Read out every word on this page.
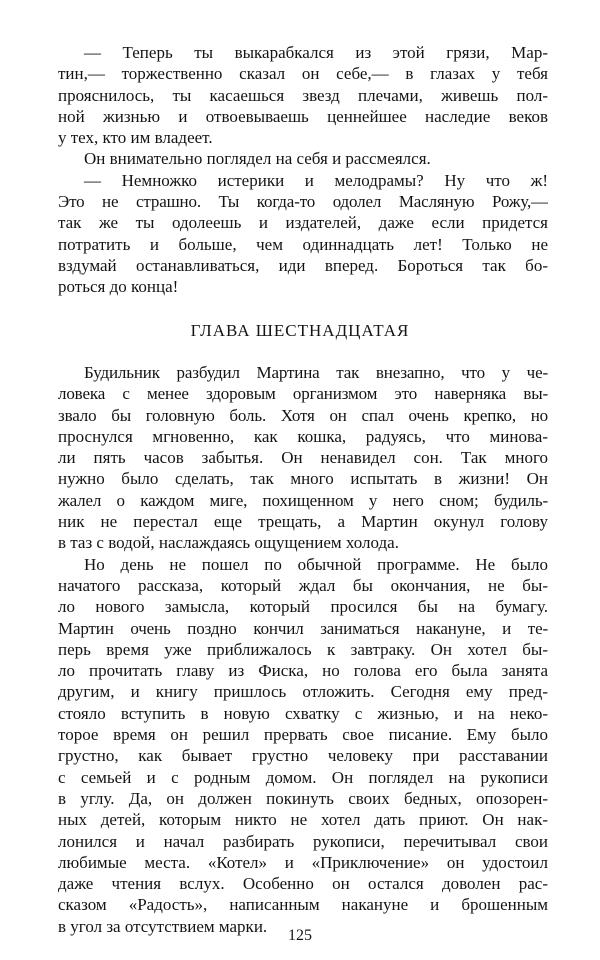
— Теперь ты выкарабкался из этой грязи, Мар-
тин,— торжественно сказал он себе,— в глазах у тебя
прояснилось, ты касаешься звезд плечами, живешь пол-
ной жизнью и отвоевываешь ценнейшее наследие веков
у тех, кто им владеет.
Он внимательно поглядел на себя и рассмеялся.
— Немножко истерики и мелодрамы? Ну что ж!
Это не страшно. Ты когда-то одолел Масляную Рожу,—
так же ты одолеешь и издателей, даже если придется
потратить и больше, чем одиннадцать лет! Только не
вздумай останавливаться, иди вперед. Бороться так бо-
роться до конца!
ГЛАВА ШЕСТНАДЦАТАЯ
Будильник разбудил Мартина так внезапно, что у че-
ловека с менее здоровым организмом это наверняка вы-
звало бы головную боль. Хотя он спал очень крепко, но
проснулся мгновенно, как кошка, радуясь, что минова-
ли пять часов забытья. Он ненавидел сон. Так много
нужно было сделать, так много испытать в жизни! Он
жалел о каждом миге, похищенном у него сном; будиль-
ник не перестал еще трещать, а Мартин окунул голову
в таз с водой, наслаждаясь ощущением холода.
Но день не пошел по обычной программе. Не было
начатого рассказа, который ждал бы окончания, не бы-
ло нового замысла, который просился бы на бумагу.
Мартин очень поздно кончил заниматься накануне, и те-
перь время уже приближалось к завтраку. Он хотел бы-
ло прочитать главу из Фиска, но голова его была занята
другим, и книгу пришлось отложить. Сегодня ему пред-
стояло вступить в новую схватку с жизнью, и на неко-
торое время он решил прервать свое писание. Ему было
грустно, как бывает грустно человеку при расставании
с семьей и с родным домом. Он поглядел на рукописи
в углу. Да, он должен покинуть своих бедных, опозорен-
ных детей, которым никто не хотел дать приют. Он нак-
лонился и начал разбирать рукописи, перечитывал свои
любимые места. «Котел» и «Приключение» он удостоил
даже чтения вслух. Особенно он остался доволен рас-
сказом «Радость», написанным накануне и брошенным
в угол за отсутствием марки.	125
